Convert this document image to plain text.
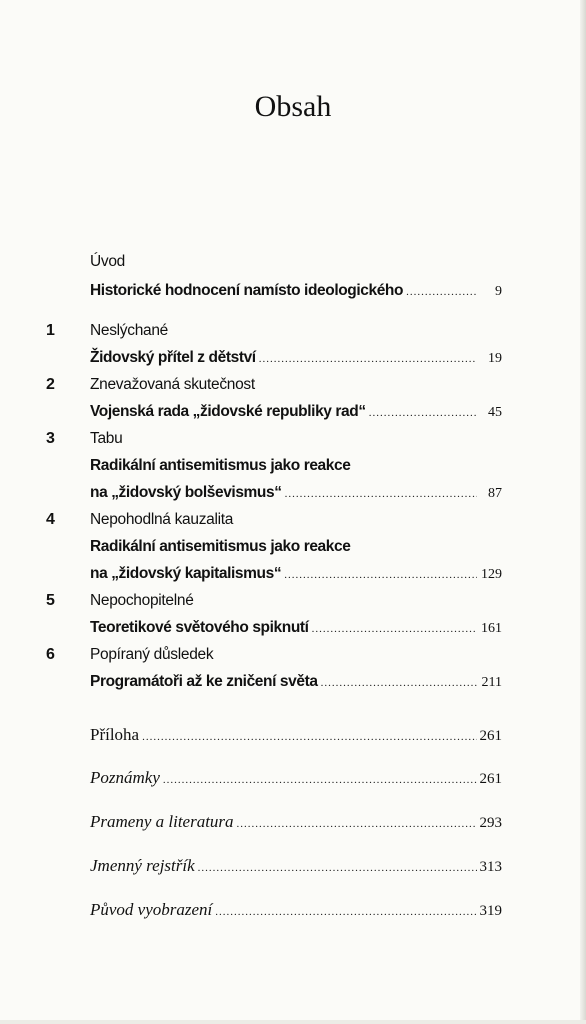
Obsah
Úvod
Historické hodnocení namísto ideologického .....	9
1	Neslýchané
Židovský přítel z dětství .....	19
2	Znevažovaná skutečnost
Vojenská rada „židovské republiky rad“ .....	45
3	Tabu
Radikální antisemitismus jako reakce
na „židovský bolševismus“ .....	87
4	Nepohodlná kauzalita
Radikální antisemitismus jako reakce
na „židovský kapitalismus“ .....	129
5	Nepochopitelné
Teoretikové světového spiknutí .....	161
6	Popíraný důsledek
Programátoři až ke zničení světa .....	211
Příloha .....	261
Poznámky .....	261
Prameny a literatura .....	293
Jmenný rejstřík .....	313
Původ vyobrazení .....	319
